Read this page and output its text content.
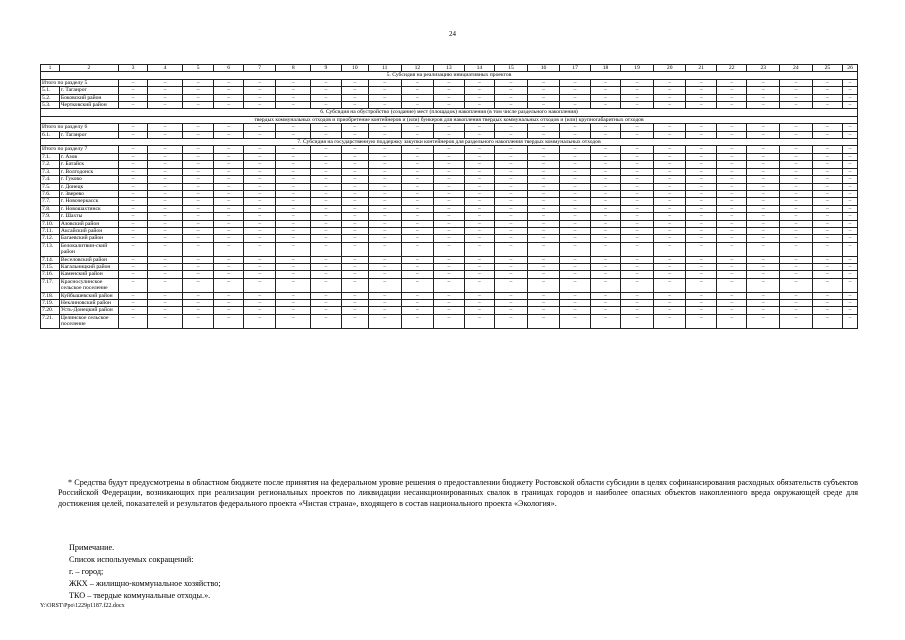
24
1	2	3	4	5	6	7	8	9	10	11	12	13	14	15	16	17	18	19	20	21	22	23	24	25	26
5. Субсидия на реализацию инициативных проектов																									
Итого по разделу 5		–	–	–	–	–	–	–	–	–	–	–	–	–	–	–	–	–	–	–	–	–	–	–	–
5.1.	г. Таганрог	–	–	–	–	–	–	–	–	–	–	–	–	–	–	–	–	–	–	–	–	–	–	–	–
5.2.	Боковский район	–	–	–	–	–	–	–	–	–	–	–	–	–	–	–	–	–	–	–	–	–	–	–	–
5.3.	Чертковский район	–	–	–	–	–	–	–	–	–	–	–	–	–	–	–	–	–	–	–	–	–	–	–	–
6. Субсидия на обустройство (создание) мест (площадок) накопления (в том числе раздельного накопления)																									
твердых коммунальных отходов и приобретение контейнеров и (или) бункеров для накопления твердых коммунальных отходов и (или) крупногабаритных отходов																									
Итого по разделу 6		–	–	–	–	–	–	–	–	–	–	–	–	–	–	–	–	–	–	–	–	–	–	–	–
6.1.	г. Таганрог	–	–	–	–	–	–	–	–	–	–	–	–	–	–	–	–	–	–	–	–	–	–	–	–
7. Субсидия на государственную поддержку закупки контейнеров для раздельного накопления твердых коммунальных отходов																									
Итого по разделу 7		–	–	–	–	–	–	–	–	–	–	–	–	–	–	–	–	–	–	–	–	–	–	–	–
7.1.	г. Азов	–	–	–	–	–	–	–	–	–	–	–	–	–	–	–	–	–	–	–	–	–	–	–	–
7.2.	г. Батайск	–	–	–	–	–	–	–	–	–	–	–	–	–	–	–	–	–	–	–	–	–	–	–	–
7.3.	г. Волгодонск	–	–	–	–	–	–	–	–	–	–	–	–	–	–	–	–	–	–	–	–	–	–	–	–
7.4.	г. Гуково	–	–	–	–	–	–	–	–	–	–	–	–	–	–	–	–	–	–	–	–	–	–	–	–
7.5.	г. Донецк	–	–	–	–	–	–	–	–	–	–	–	–	–	–	–	–	–	–	–	–	–	–	–	–
7.6.	г. Зверево	–	–	–	–	–	–	–	–	–	–	–	–	–	–	–	–	–	–	–	–	–	–	–	–
7.7.	г. Новочеркасск	–	–	–	–	–	–	–	–	–	–	–	–	–	–	–	–	–	–	–	–	–	–	–	–
7.8.	г. Новошахтинск	–	–	–	–	–	–	–	–	–	–	–	–	–	–	–	–	–	–	–	–	–	–	–	–
7.9.	г. Шахты	–	–	–	–	–	–	–	–	–	–	–	–	–	–	–	–	–	–	–	–	–	–	–	–
7.10.	Азовский район	–	–	–	–	–	–	–	–	–	–	–	–	–	–	–	–	–	–	–	–	–	–	–	–
7.11.	Аксайский район	–	–	–	–	–	–	–	–	–	–	–	–	–	–	–	–	–	–	–	–	–	–	–	–
7.12.	Багаевский район	–	–	–	–	–	–	–	–	–	–	–	–	–	–	–	–	–	–	–	–	–	–	–	–
7.13.	Белокалитвин-ский район	–	–	–	–	–	–	–	–	–	–	–	–	–	–	–	–	–	–	–	–	–	–	–	–
7.14.	Веселовский район	–	–	–	–	–	–	–	–	–	–	–	–	–	–	–	–	–	–	–	–	–	–	–	–
7.15.	Кагальницкий район	–	–	–	–	–	–	–	–	–	–	–	–	–	–	–	–	–	–	–	–	–	–	–	–
7.16.	Каменский район	–	–	–	–	–	–	–	–	–	–	–	–	–	–	–	–	–	–	–	–	–	–	–	–
7.17.	Красносулинское сельское поселение	–	–	–	–	–	–	–	–	–	–	–	–	–	–	–	–	–	–	–	–	–	–	–	–
7.18.	Куйбышевский район	–	–	–	–	–	–	–	–	–	–	–	–	–	–	–	–	–	–	–	–	–	–	–	–
7.19.	Неклиновский район	–	–	–	–	–	–	–	–	–	–	–	–	–	–	–	–	–	–	–	–	–	–	–	–
7.20.	Усть-Донецкий район	–	–	–	–	–	–	–	–	–	–	–	–	–	–	–	–	–	–	–	–	–	–	–	–
7.21.	Целинское сельское поселение	–	–	–	–	–	–	–	–	–	–	–	–	–	–	–	–	–	–	–	–	–	–	–	–
* Средства будут предусмотрены в областном бюджете после принятия на федеральном уровне решения о предоставлении бюджету Ростовской области субсидии в целях софинансирования расходных обязательств субъектов Российской Федерации, возникающих при реализации региональных проектов по ликвидации несанкционированных свалок в границах городов и наиболее опасных объектов накопленного вреда окружающей среде для достижения целей, показателей и результатов федерального проекта «Чистая страна», входящего в состав национального проекта «Экология».
Примечание.
Список используемых сокращений:
г. – город;
ЖКХ – жилищно-коммунальное хозяйство;
ТКО – твердые коммунальные отходы.».
Y:\ORST\Ppo\1229p1187.f22.docx
